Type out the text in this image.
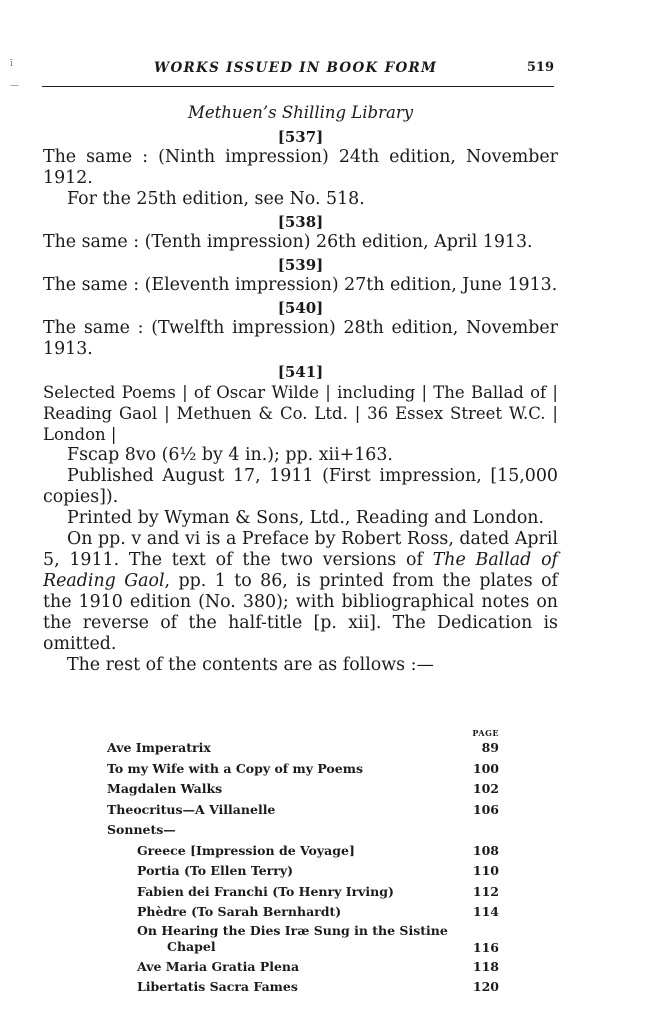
ī
—
WORKS ISSUED IN BOOK FORM	519
Methuen’s Shilling Library
[537]

The same : (Ninth impression) 24th edition, November 1912.

For the 25th edition, see No. 518.

[538]

The same : (Tenth impression) 26th edition, April 1913.

[539]

The same : (Eleventh impression) 27th edition, June 1913.

[540]

The same : (Twelfth impression) 28th edition, November 1913.

[541]

Selected Poems | of Oscar Wilde | including | The Ballad of | Reading Gaol | Methuen & Co. Ltd. | 36 Essex Street W.C. | London |

Fscap 8vo (6½ by 4 in.); pp. xii+163.

Published August 17, 1911 (First impression, [15,000 copies]).

Printed by Wyman & Sons, Ltd., Reading and London.

On pp. v and vi is a Preface by Robert Ross, dated April 5, 1911. The text of the two versions of The Ballad of Reading Gaol, pp. 1 to 86, is printed from the plates of the 1910 edition (No. 380); with bibliographical notes on the reverse of the half-title [p. xii]. The Dedication is omitted.

The rest of the contents are as follows :—

PAGE
Ave Imperatrix	89
To my Wife with a Copy of my Poems	100
Magdalen Walks	102
Theocritus—A Villanelle	106
Sonnets—
Greece [Impression de Voyage]	108
Portia (To Ellen Terry)	110
Fabien dei Franchi (To Henry Irving)	112
Phèdre (To Sarah Bernhardt)	114
On Hearing the Dies Iræ Sung in the Sistine
Chapel	116
Ave Maria Gratia Plena	118
Libertatis Sacra Fames	120
